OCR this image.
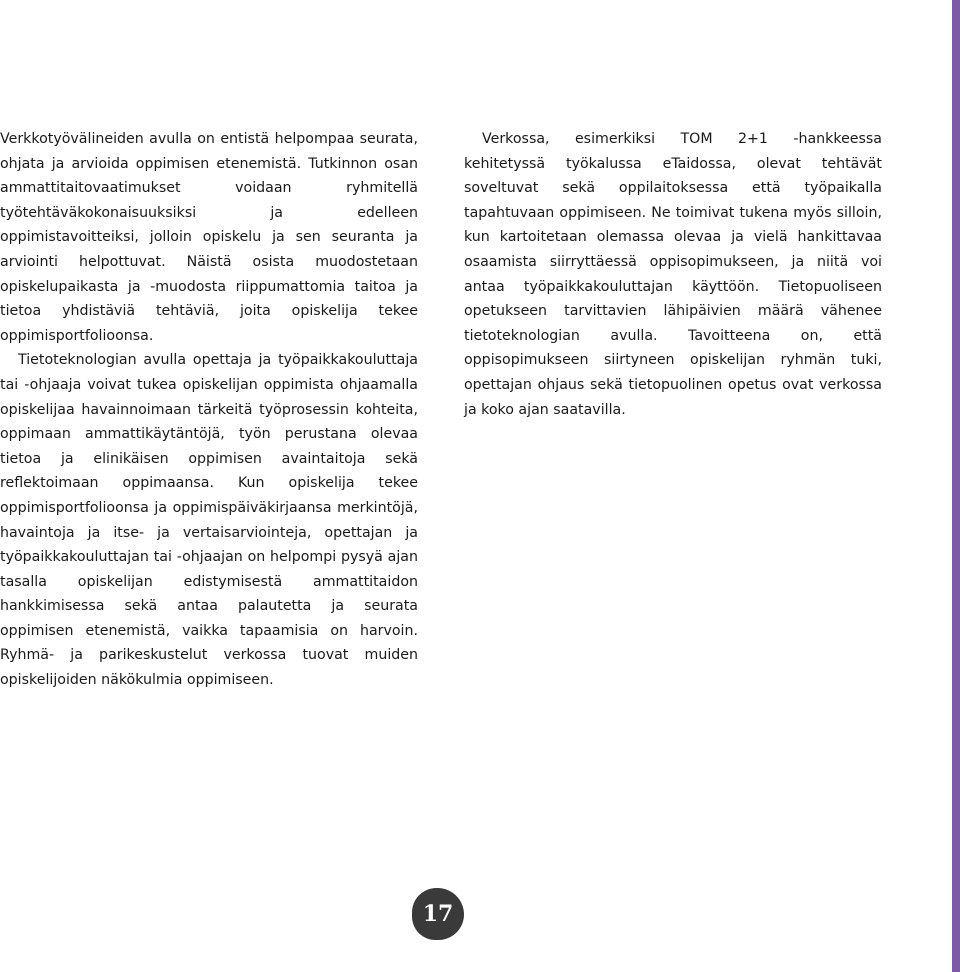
Verkkotyövälineiden avulla on entistä helpompaa seurata, ohjata ja arvioida oppimisen etenemistä. Tutkinnon osan ammattitaitovaatimukset voidaan ryhmitellä työtehtäväkokonaisuuksiksi ja edelleen oppimistavoitteiksi, jolloin opiskelu ja sen seuranta ja arviointi helpottuvat. Näistä osista muodostetaan opiskelupaikasta ja -muodosta riippumattomia taitoa ja tietoa yhdistäviä tehtäviä, joita opiskelija tekee oppimisportfolioonsa.

Tietoteknologian avulla opettaja ja työpaikkakouluttaja tai -ohjaaja voivat tukea opiskelijan oppimista ohjaamalla opiskelijaa havainnoimaan tärkeitä työprosessin kohteita, oppimaan ammattikäytäntöjä, työn perustana olevaa tietoa ja elinikäisen oppimisen avaintaitoja sekä reflektoimaan oppimaansa. Kun opiskelija tekee oppimisportfolioonsa ja oppimispäiväkirjaansa merkintöjä, havaintoja ja itse- ja vertaisarviointeja, opettajan ja työpaikkakouluttajan tai -ohjaajan on helpompi pysyä ajan tasalla opiskelijan edistymisestä ammattitaidon hankkimisessa sekä antaa palautetta ja seurata oppimisen etenemistä, vaikka tapaamisia on harvoin. Ryhmä- ja parikeskustelut verkossa tuovat muiden opiskelijoiden näkökulmia oppimiseen.

Verkossa, esimerkiksi TOM 2+1 -hankkeessa kehitetyssä työkalussa eTaidossa, olevat tehtävät soveltuvat sekä oppilaitoksessa että työpaikalla tapahtuvaan oppimiseen. Ne toimivat tukena myös silloin, kun kartoitetaan olemassa olevaa ja vielä hankittavaa osaamista siirryttäessä oppisopimukseen, ja niitä voi antaa työpaikkakouluttajan käyttöön. Tietopuoliseen opetukseen tarvittavien lähipäivien määrä vähenee tietoteknologian avulla. Tavoitteena on, että oppisopimukseen siirtyneen opiskelijan ryhmän tuki, opettajan ohjaus sekä tietopuolinen opetus ovat verkossa ja koko ajan saatavilla.

17
